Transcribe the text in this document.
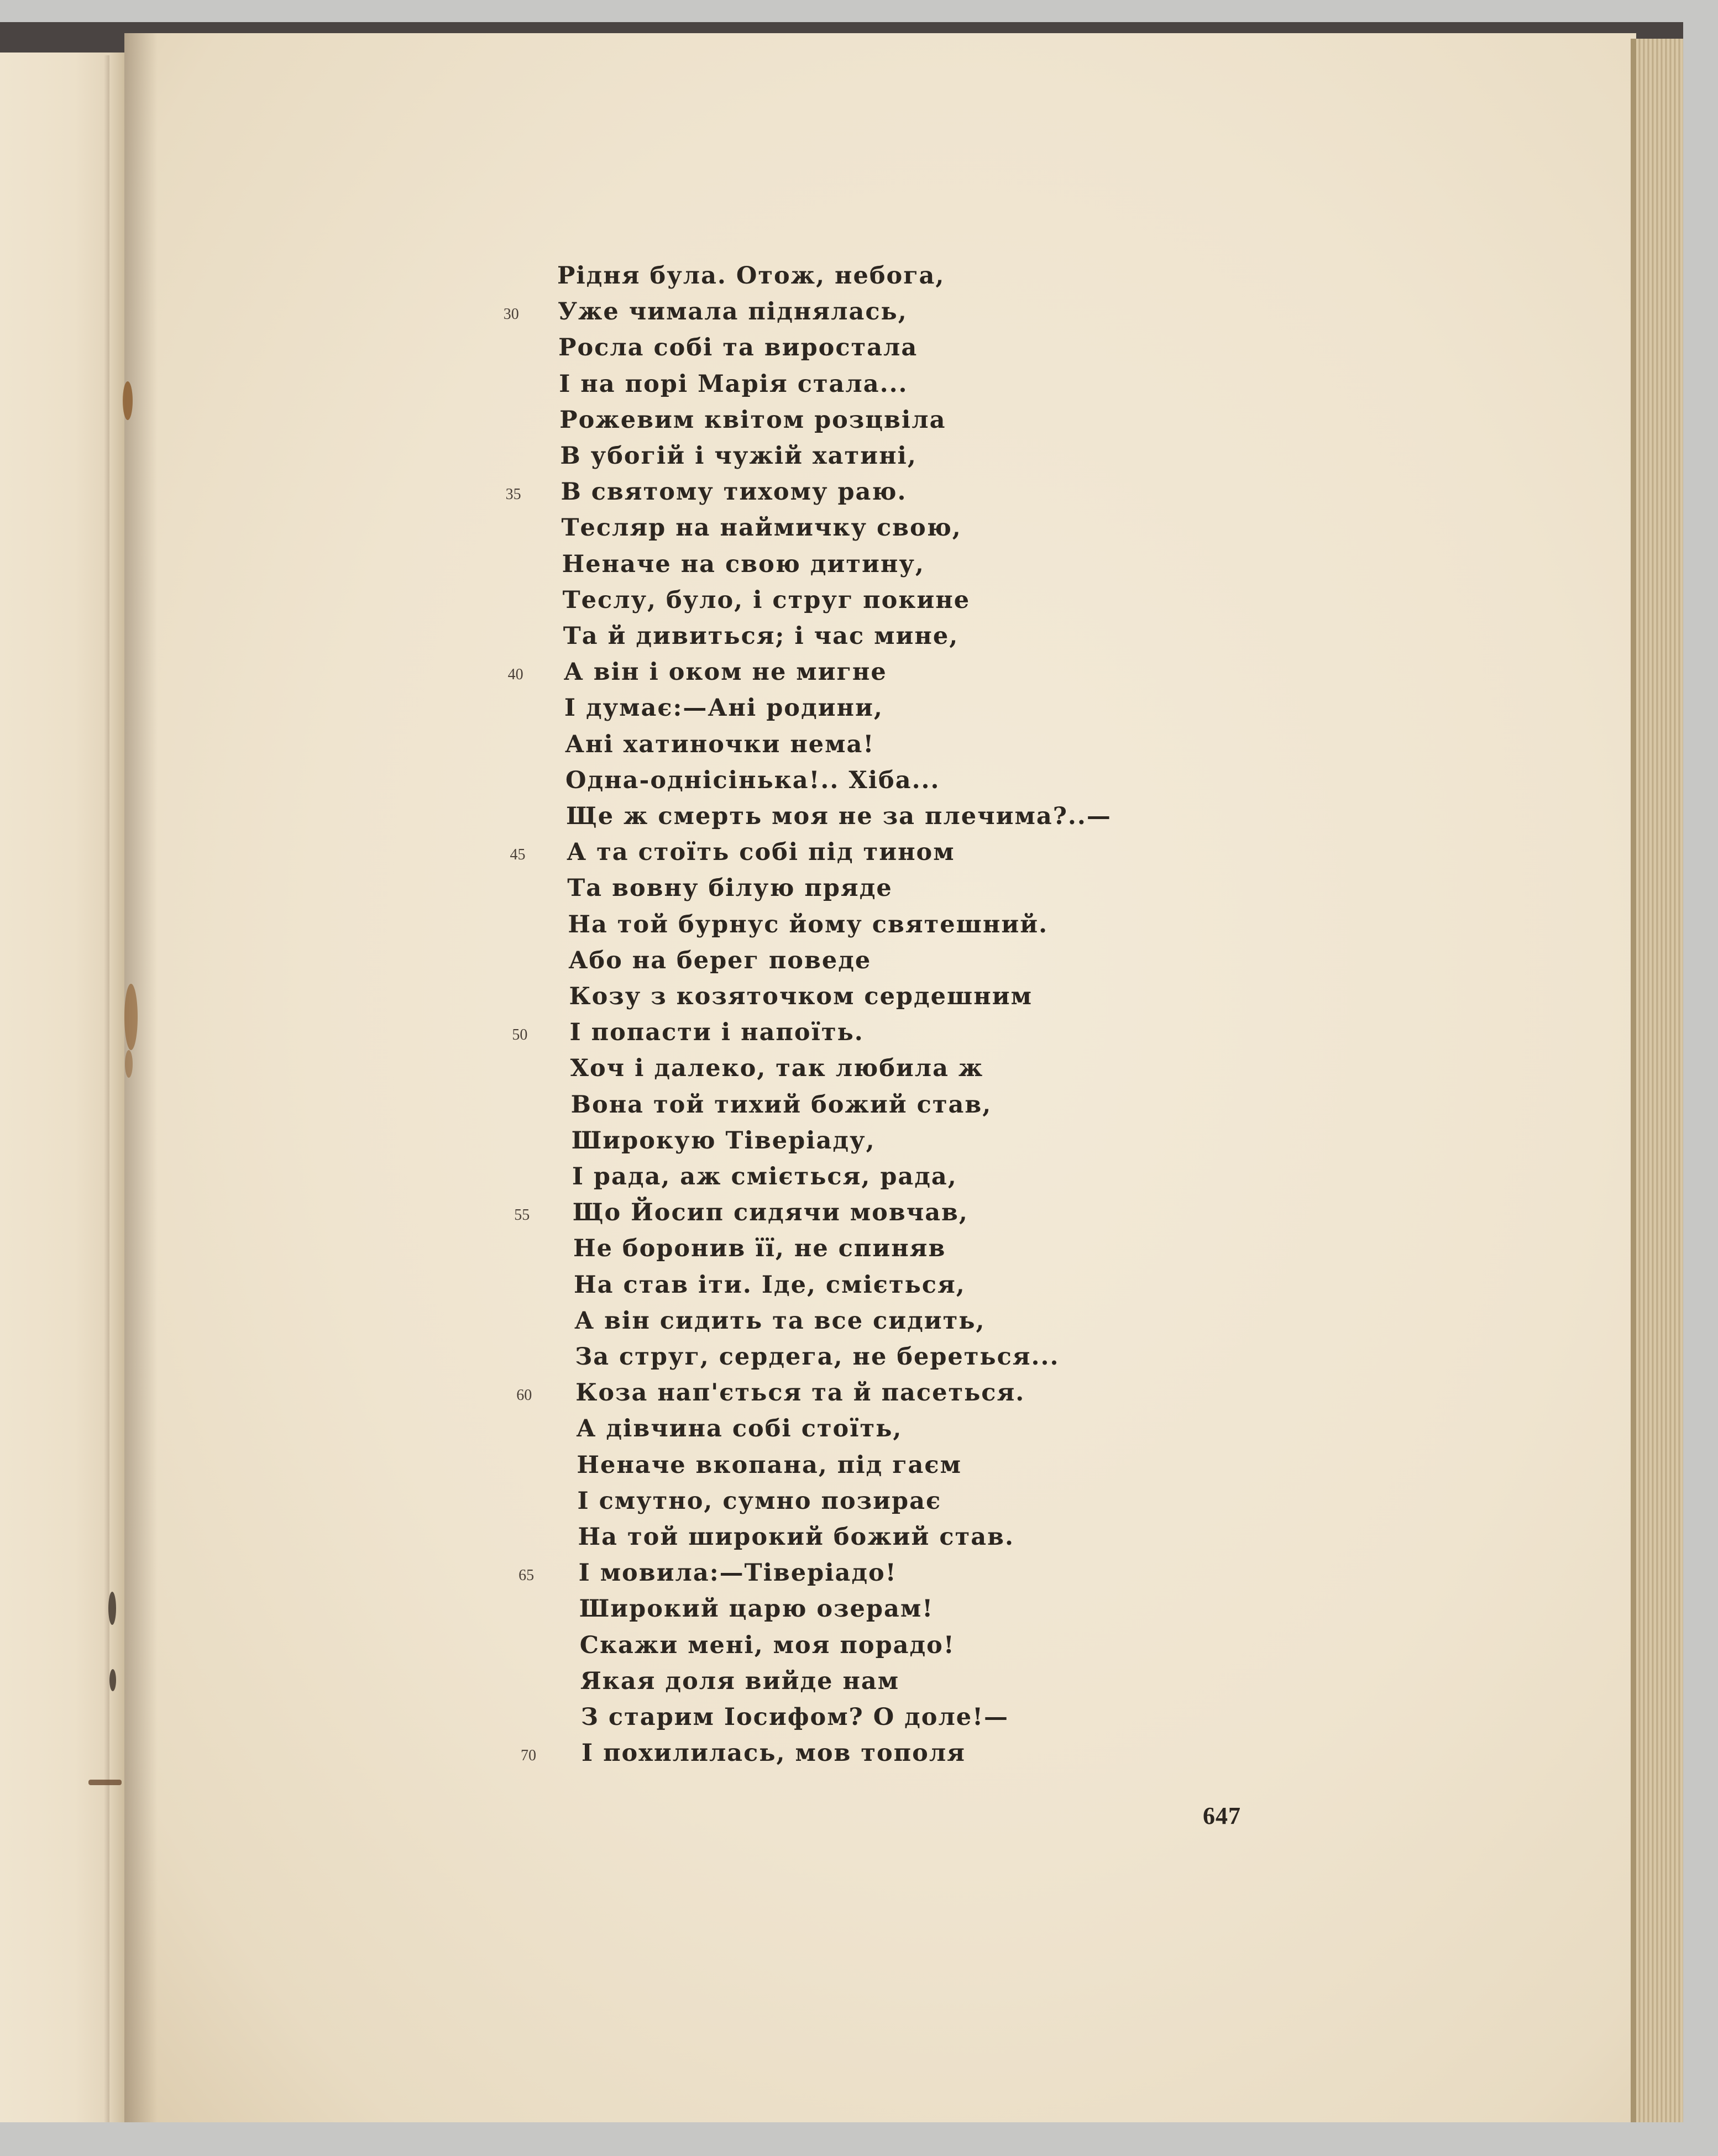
Рідня була. Отож, небога,
Уже чимала піднялась,
30
Росла собі та виростала
І на порі Марія стала...
Рожевим квітом розцвіла
В убогій і чужій хатині,
В святому тихому раю.
35
Тесляр на наймичку свою,
Неначе на свою дитину,
Теслу, було, і струг покине
Та й дивиться; і час мине,
А він і оком не мигне
40
І думає:—Ані родини,
Ані хатиночки нема!
Одна-однісінька!.. Хіба...
Ще ж смерть моя не за плечима?..—
А та стоїть собі під тином
45
Та вовну білую пряде
На той бурнус йому святешний.
Або на берег поведе
Козу з козяточком сердешним
І попасти і напоїть.
50
Хоч і далеко, так любила ж
Вона той тихий божий став,
Широкую Тіверіаду,
І рада, аж сміється, рада,
Що Йосип сидячи мовчав,
55
Не боронив її, не спиняв
На став іти. Іде, сміється,
А він сидить та все сидить,
За струг, сердега, не береться...
Коза нап'ється та й пасеться.
60
А дівчина собі стоїть,
Неначе вкопана, під гаєм
І смутно, сумно позирає
На той широкий божий став.
І мовила:—Тіверіадо!
65
Широкий царю озерам!
Скажи мені, моя порадо!
Якая доля вийде нам
З старим Іосифом? О доле!—
І похилилась, мов тополя
70
647
